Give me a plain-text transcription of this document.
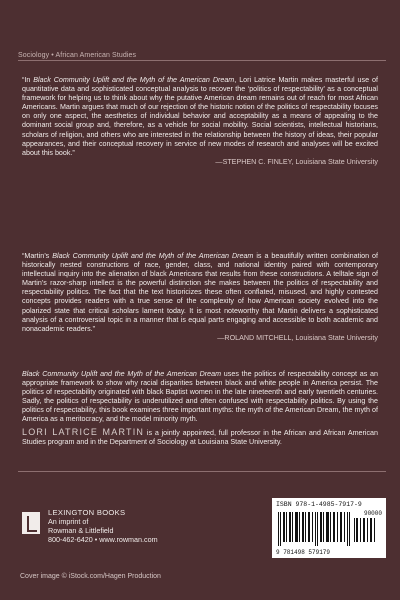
Sociology • African American Studies

“In Black Community Uplift and the Myth of the American Dream, Lori Latrice Martin makes masterful use of quantitative data and sophisticated conceptual analysis to recover the ‘politics of respectability’ as a conceptual framework for helping us to think about why the putative American dream remains out of reach for most African Americans. Martin argues that much of our rejection of the historic notion of the politics of respectability focuses on only one aspect, the aesthetics of individual behavior and acceptability as a means of appealing to the dominant social group and, therefore, as a vehicle for social mobility. Social scientists, intellectual historians, scholars of religion, and others who are interested in the relationship between the history of ideas, their popular appearances, and their conceptual recovery in service of new modes of research and analyses will be excited about this book.”
—STEPHEN C. FINLEY, Louisiana State University

“Martin’s Black Community Uplift and the Myth of the American Dream is a beautifully written combination of historically nested constructions of race, gender, class, and national identity paired with contemporary intellectual inquiry into the alienation of black Americans that results from these constructions. A telltale sign of Martin’s razor-sharp intellect is the powerful distinction she makes between the politics of respectability and respectability politics. The fact that the text historicizes these often conflated, misused, and highly contested concepts provides readers with a true sense of the complexity of how American society evolved into the polarized state that critical scholars lament today. It is most noteworthy that Martin delivers a sophisticated analysis of a controversial topic in a manner that is equal parts engaging and accessible to both academic and nonacademic readers.”
—ROLAND MITCHELL, Louisiana State University

Black Community Uplift and the Myth of the American Dream uses the politics of respectability concept as an appropriate framework to show why racial disparities between black and white people in America persist. The politics of respectability originated with black Baptist women in the late nineteenth and early twentieth centuries. Sadly, the politics of respectability is underutilized and often confused with respectability politics. By using the politics of respectability, this book examines three important myths: the myth of the American Dream, the myth of America as a meritocracy, and the model minority myth.

LORI LATRICE MARTIN is a jointly appointed, full professor in the African and African American Studies program and in the Department of Sociology at Louisiana State University.

LEXINGTON BOOKS
An imprint of
Rowman & Littlefield
800-462-6420 • www.rowman.com
ISBN 978-1-4985-7917-9
90000
9 781498 579179
Cover image © iStock.com/Hagen Production
